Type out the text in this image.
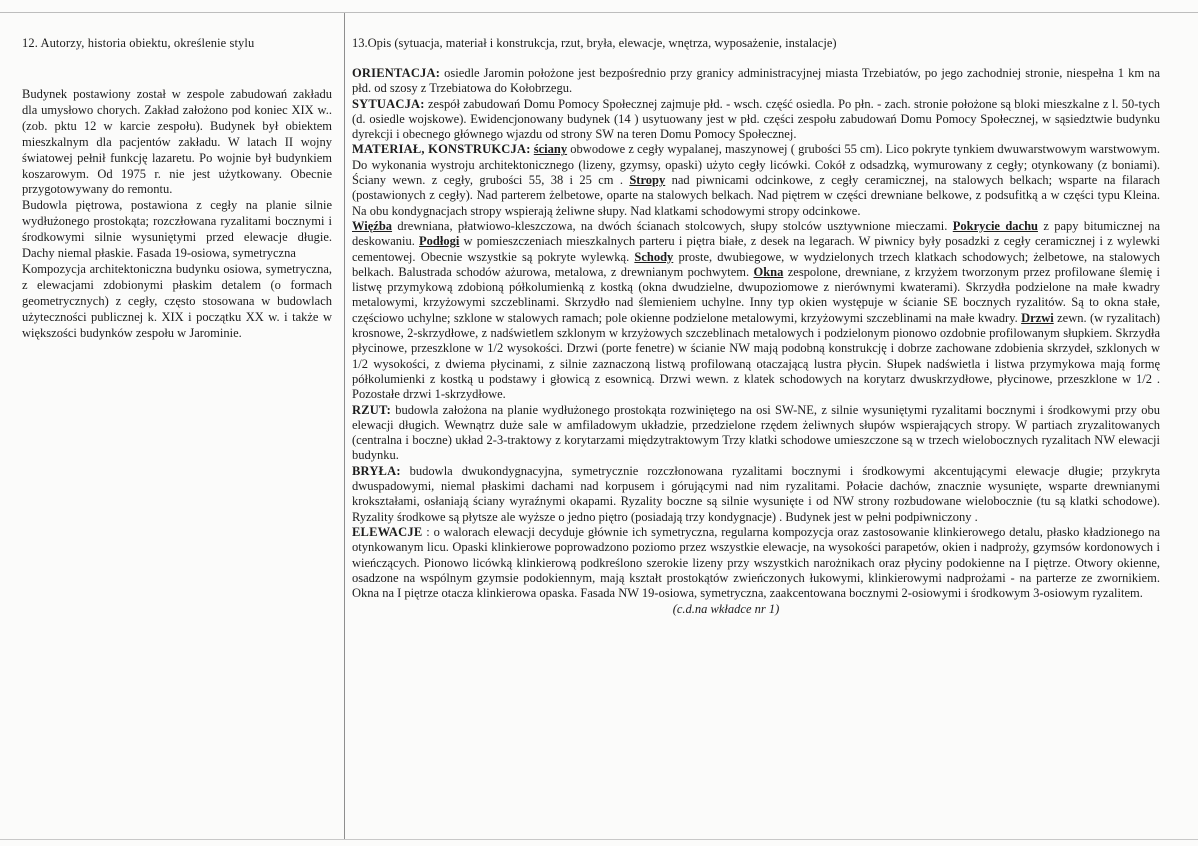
12. Autorzy, historia obiektu, określenie stylu

Budynek postawiony został w zespole zabudowań zakładu dla umysłowo chorych. Zakład założono pod koniec XIX w.. (zob. pktu 12 w karcie zespołu). Budynek był obiektem mieszkalnym dla pacjentów zakładu. W latach II wojny światowej pełnił funkcję lazaretu. Po wojnie był budynkiem koszarowym. Od 1975 r. nie jest użytkowany. Obecnie przygotowywany do remontu.

Budowla piętrowa, postawiona z cegły na planie silnie wydłużonego prostokąta; rozczłowana ryzalitami bocznymi i środkowymi silnie wysuniętymi przed elewacje długie. Dachy niemal płaskie. Fasada 19-osiowa, symetryczna

Kompozycja architektoniczna budynku osiowa, symetryczna, z elewacjami zdobionymi płaskim detalem (o formach geometrycznych) z cegły, często stosowana w budowlach użyteczności publicznej k. XIX i początku XX w. i także w większości budynków zespołu w Jarominie.

13.Opis (sytuacja, materiał i konstrukcja, rzut, bryła, elewacje, wnętrza, wyposażenie, instalacje)

ORIENTACJA: osiedle Jaromin położone jest bezpośrednio przy granicy administracyjnej miasta Trzebiatów, po jego zachodniej stronie, niespełna 1 km na płd. od szosy z Trzebiatowa do Kołobrzegu.

SYTUACJA: zespół zabudowań Domu Pomocy Społecznej zajmuje płd. - wsch. część osiedla. Po płn. - zach. stronie położone są bloki mieszkalne z l. 50-tych (d. osiedle wojskowe). Ewidencjonowany budynek (14 ) usytuowany jest w płd. części zespołu zabudowań Domu Pomocy Społecznej, w sąsiedztwie budynku dyrekcji i obecnego głównego wjazdu od strony SW na teren Domu Pomocy Społecznej.

MATERIAŁ, KONSTRUKCJA: ściany obwodowe z cegły wypalanej, maszynowej ( grubości 55 cm). Lico pokryte tynkiem dwuwarstwowym warstwowym. Do wykonania wystroju architektonicznego (lizeny, gzymsy, opaski) użyto cegły licówki. Cokół z odsadzką, wymurowany z cegły; otynkowany (z boniami). Ściany wewn. z cegły, grubości 55, 38 i 25 cm . Stropy nad piwnicami odcinkowe, z cegły ceramicznej, na stalowych belkach; wsparte na filarach (postawionych z cegły). Nad parterem żelbetowe, oparte na stalowych belkach. Nad piętrem w części drewniane belkowe, z podsufitką a w części typu Kleina. Na obu kondygnacjach stropy wspierają żeliwne słupy. Nad klatkami schodowymi stropy odcinkowe.
Więźba drewniana, płatwiowo-kleszczowa, na dwóch ścianach stolcowych, słupy stolców usztywnione mieczami. Pokrycie dachu z papy bitumicznej na deskowaniu. Podłogi w pomieszczeniach mieszkalnych parteru i piętra białe, z desek na legarach. W piwnicy były posadzki z cegły ceramicznej i z wylewki cementowej. Obecnie wszystkie są pokryte wylewką. Schody proste, dwubiegowe, w wydzielonych trzech klatkach schodowych; żelbetowe, na stalowych belkach. Balustrada schodów ażurowa, metalowa, z drewnianym pochwytem. Okna zespolone, drewniane, z krzyżem tworzonym przez profilowane ślemię i listwę przymykową zdobioną półkolumienką z kostką (okna dwudzielne, dwupoziomowe z nierównymi kwaterami). Skrzydła podzielone na małe kwadry metalowymi, krzyżowymi szczeblinami. Skrzydło nad ślemieniem uchylne. Inny typ okien występuje w ścianie SE bocznych ryzalitów. Są to okna stałe, częściowo uchylne; szklone w stalowych ramach; pole okienne podzielone metalowymi, krzyżowymi szczeblinami na małe kwadry. Drzwi zewn. (w ryzalitach) krosnowe, 2-skrzydłowe, z nadświetlem szklonym w krzyżowych szczeblinach metalowych i podzielonym pionowo ozdobnie profilowanym słupkiem. Skrzydła płycinowe, przeszklone w 1/2 wysokości. Drzwi (porte fenetre) w ścianie NW mają podobną konstrukcję i dobrze zachowane zdobienia skrzydeł, szklonych w 1/2 wysokości, z dwiema płycinami, z silnie zaznaczoną listwą profilowaną otaczającą lustra płycin. Słupek nadświetla i listwa przymykowa mają formę półkolumienki z kostką u podstawy i głowicą z esownicą. Drzwi wewn. z klatek schodowych na korytarz dwuskrzydłowe, płycinowe, przeszklone w 1/2 . Pozostałe drzwi 1-skrzydłowe.

RZUT: budowla założona na planie wydłużonego prostokąta rozwiniętego na osi SW-NE, z silnie wysuniętymi ryzalitami bocznymi i środkowymi przy obu elewacji długich. Wewnątrz duże sale w amfiladowym układzie, przedzielone rzędem żeliwnych słupów wspierających stropy. W partiach zryzalitowanych (centralna i boczne) układ 2-3-traktowy z korytarzami międzytraktowym Trzy klatki schodowe umieszczone są w trzech wielobocznych ryzalitach NW elewacji budynku.

BRYŁA: budowla dwukondygnacyjna, symetrycznie rozczłonowana ryzalitami bocznymi i środkowymi akcentującymi elewacje długie; przykryta dwuspadowymi, niemal płaskimi dachami nad korpusem i górującymi nad nim ryzalitami. Połacie dachów, znacznie wysunięte, wsparte drewnianymi krokształami, osłaniają ściany wyraźnymi okapami. Ryzality boczne są silnie wysunięte i od NW strony rozbudowane wielobocznie (tu są klatki schodowe). Ryzality środkowe są płytsze ale wyższe o jedno piętro (posiadają trzy kondygnacje) . Budynek jest w pełni podpiwniczony .

ELEWACJE : o walorach elewacji decyduje głównie ich symetryczna, regularna kompozycja oraz zastosowanie klinkierowego detalu, płasko kładzionego na otynkowanym licu. Opaski klinkierowe poprowadzono poziomo przez wszystkie elewacje, na wysokości parapetów, okien i nadproży, gzymsów kordonowych i wieńczących. Pionowo licówką klinkierową podkreślono szerokie lizeny przy wszystkich narożnikach oraz płyciny podokienne na I piętrze. Otwory okienne, osadzone na wspólnym gzymsie podokiennym, mają kształt prostokątów zwieńczonych łukowymi, klinkierowymi nadprożami - na parterze ze zwornikiem. Okna na I piętrze otacza klinkierowa opaska. Fasada NW 19-osiowa, symetryczna, zaakcentowana bocznymi 2-osiowymi i środkowym 3-osiowym ryzalitem.

(c.d.na wkładce nr 1)
